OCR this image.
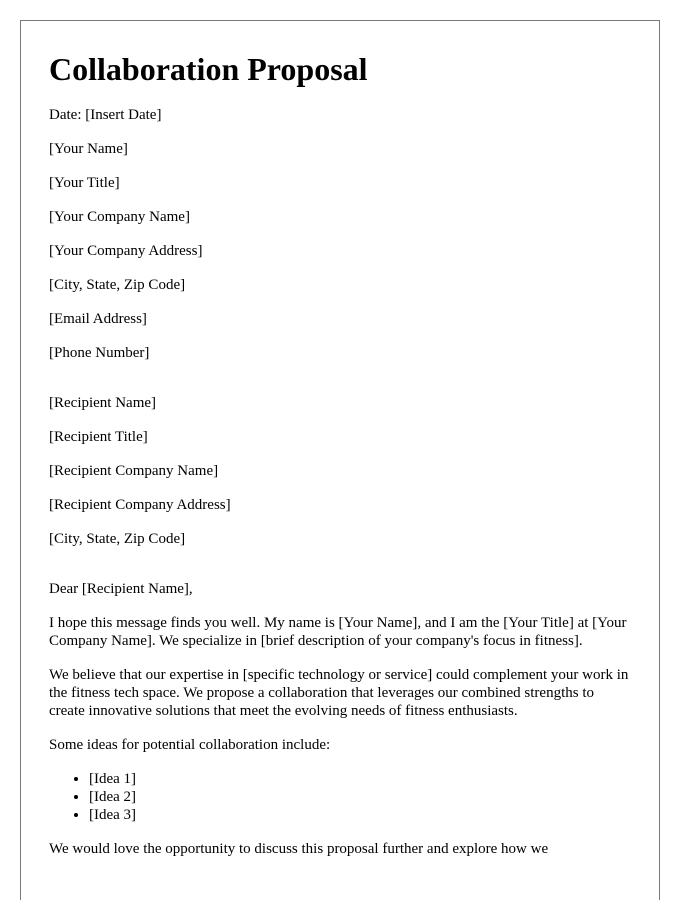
Collaboration Proposal

Date: [Insert Date]

[Your Name]

[Your Title]

[Your Company Name]

[Your Company Address]

[City, State, Zip Code]

[Email Address]

[Phone Number]

[Recipient Name]

[Recipient Title]

[Recipient Company Name]

[Recipient Company Address]

[City, State, Zip Code]

Dear [Recipient Name],

I hope this message finds you well. My name is [Your Name], and I am the [Your Title] at [Your Company Name]. We specialize in [brief description of your company's focus in fitness].

We believe that our expertise in [specific technology or service] could complement your work in the fitness tech space. We propose a collaboration that leverages our combined strengths to create innovative solutions that meet the evolving needs of fitness enthusiasts.

Some ideas for potential collaboration include:

• [Idea 1]
• [Idea 2]
• [Idea 3]

We would love the opportunity to discuss this proposal further and explore how we
